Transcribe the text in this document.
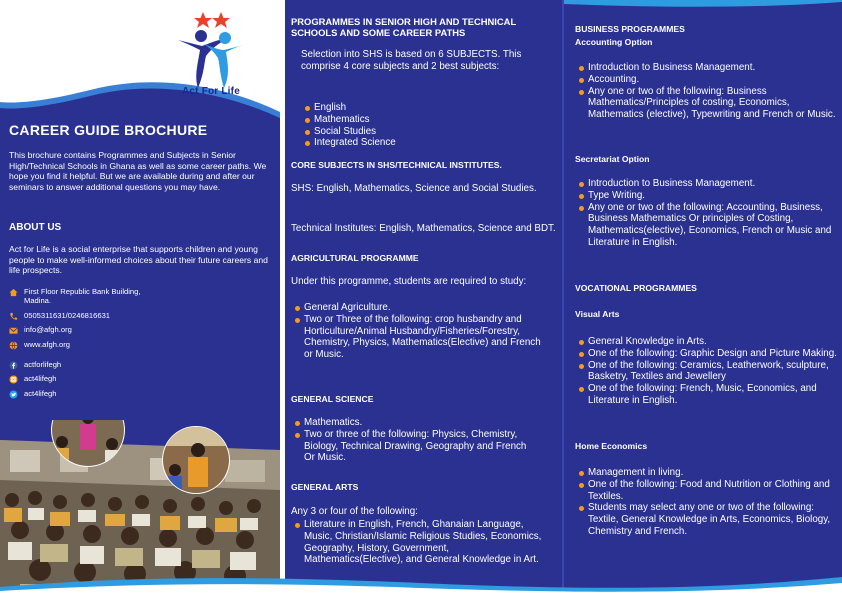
Act For Life
CAREER GUIDE BROCHURE

This brochure contains Programmes and Subjects in Senior High/Technical Schools in Ghana as well as some career paths. We hope you find it helpful. But we are available during and after our seminars to answer additional questions you may have.

ABOUT US

Act for Life is a social enterprise that supports children and young people to make well-informed choices about their future careers and life prospects.

First Floor Republic Bank Building, Madina.
0505311631/0246816631
info@afgh.org
www.afgh.org
actforlifegh
act4lifegh
act4lifegh

PROGRAMMES IN SENIOR HIGH AND TECHNICAL SCHOOLS AND SOME CAREER PATHS

Selection into SHS is based on 6 SUBJECTS. This comprise 4 core subjects and 2 best subjects:

English
Mathematics
Social Studies
Integrated Science

CORE SUBJECTS IN SHS/TECHNICAL INSTITUTES.

SHS: English, Mathematics, Science and Social Studies.

Technical Institutes: English, Mathematics, Science and BDT.

AGRICULTURAL PROGRAMME

Under this programme, students are required to study:

General Agriculture.
Two or Three of the following: crop husbandry and Horticulture/Animal Husbandry/Fisheries/Forestry, Chemistry, Physics, Mathematics(Elective) and French or Music.

GENERAL SCIENCE

Mathematics.
Two or three of the following: Physics, Chemistry, Biology, Technical Drawing, Geography and French Or Music.

GENERAL ARTS

Any 3 or four of the following:

Literature in English, French, Ghanaian Language, Music, Christian/Islamic Religious Studies, Economics, Geography, History, Government, Mathematics(Elective), and General Knowledge in Art.

BUSINESS PROGRAMMES

Accounting Option

Introduction to Business Management.
Accounting.
Any one or two of the following: Business Mathematics/Principles of costing, Economics, Mathematics (elective), Typewriting and French or Music.

Secretariat Option

Introduction to Business Management.
Type Writing.
Any one or two of the following: Accounting, Business, Business Mathematics Or principles of Costing, Mathematics(elective), Economics, French or Music and Literature in English.

VOCATIONAL PROGRAMMES

Visual Arts

General Knowledge in Arts.
One of the following: Graphic Design and Picture Making.
One of the following: Ceramics, Leatherwork, sculpture, Basketry, Textiles and Jewellery
One of the following: French, Music, Economics, and Literature in English.

Home Economics

Management in living.
One of the following: Food and Nutrition or Clothing and Textiles.
Students may select any one or two of the following: Textile, General Knowledge in Arts, Economics, Biology, Chemistry and French.
